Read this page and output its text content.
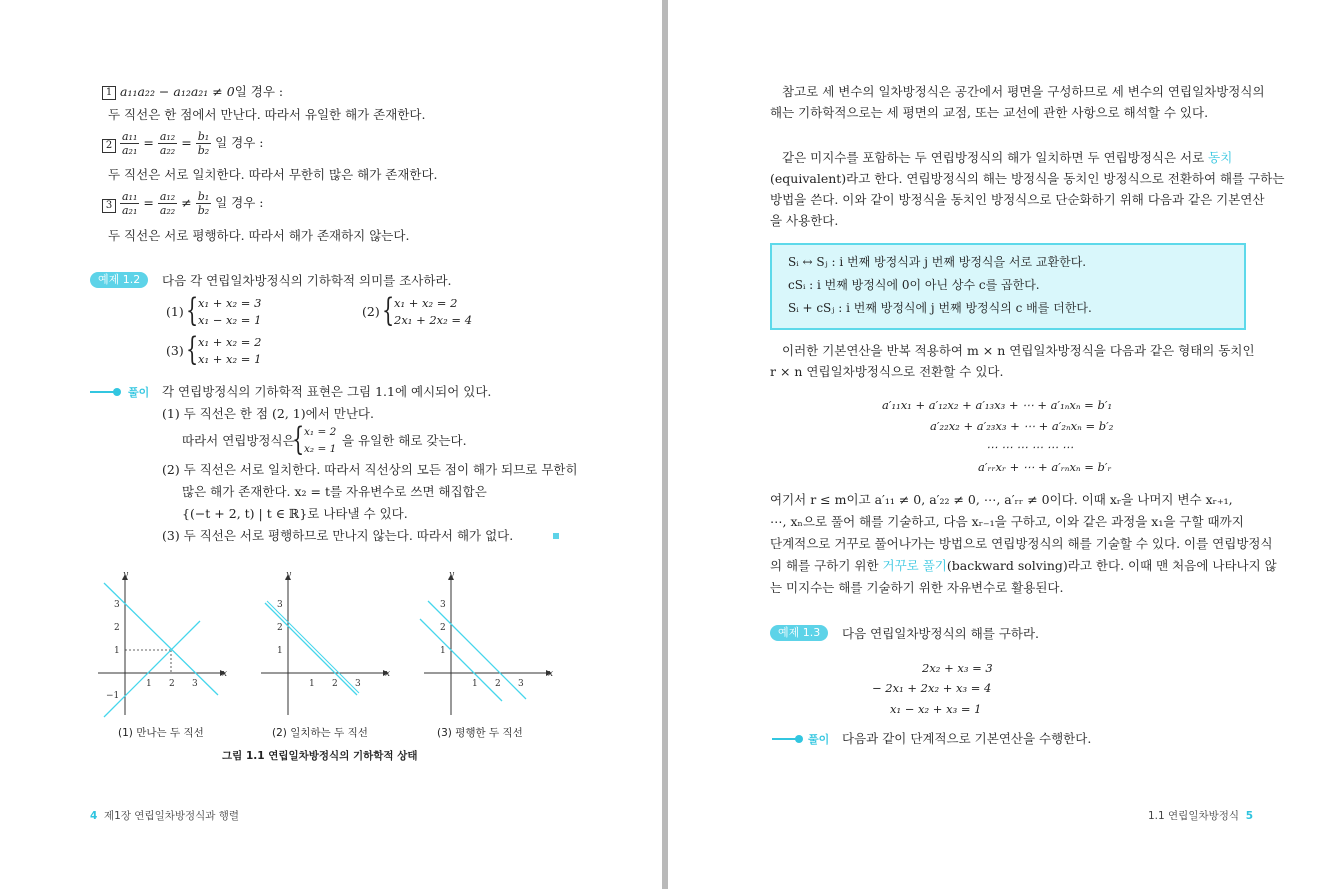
1 a₁₁a₂₂ − a₁₂a₂₁ ≠ 0일 경우 :
두 직선은 한 점에서 만난다. 따라서 유일한 해가 존재한다.
$2 \frac{\text{a₁₁}}{\text{a₂₁}} = \frac{\text{a₁₂}}{\text{a₂₂}} = \frac{\text{b₁}}{\text{b₂}}$ 일 경우 :
두 직선은 서로 일치한다. 따라서 무한히 많은 해가 존재한다.
$3 \frac{\text{a₁₁}}{\text{a₂₁}} = \frac{\text{a₁₂}}{\text{a₂₂}} \ne \frac{\text{b₁}}{\text{b₂}}$ 일 경우 :
두 직선은 서로 평행하다. 따라서 해가 존재하지 않는다.
예제 1.2	다음 각 연립일차방정식의 기하학적 의미를 조사하라.
(1) { x₁ + x₂ = 3
x₁ − x₂ = 1
(2) { x₁ + x₂ = 2
2x₁ + 2x₂ = 4
(3) { x₁ + x₂ = 2
x₁ + x₂ = 1
풀이 각 연립방정식의 기하학적 표현은 그림 1.1에 예시되어 있다.
(1) 두 직선은 한 점 (2, 1)에서 만난다.
따라서 연립방정식은
{ x₁ = 2
x₂ = 1
을 유일한 해로 갖는다.
(2) 두 직선은 서로 일치한다. 따라서 직선상의 모든 점이 해가 되므로 무한히
많은 해가 존재한다. x₂ = t를 자유변수로 쓰면 해집합은
{(−t + 2, t) | t ∈ ℝ}로 나타낼 수 있다.
(3) 두 직선은 서로 평행하므로 만나지 않는다. 따라서 해가 없다.
x
y
1 2 3
1
2
3
−1
x
y
1 2 3
1
2
3
x
y
1 2 3
1
2
3
(1) 만나는 두 직선	(2) 일치하는 두 직선	(3) 평행한 두 직선
그림 1.1 연립일차방정식의 기하학적 상태
4 제1장 연립일차방정식과 행렬
참고로 세 변수의 일차방정식은 공간에서 평면을 구성하므로 세 변수의 연립일차방정식의
해는 기하학적으로는 세 평면의 교점, 또는 교선에 관한 사항으로 해석할 수 있다.
같은 미지수를 포함하는 두 연립방정식의 해가 일치하면 두 연립방정식은 서로 동치
(equivalent)라고 한다. 연립방정식의 해는 방정식을 동치인 방정식으로 전환하여 해를 구하는
방법을 쓴다. 이와 같이 방정식을 동치인 방정식으로 단순화하기 위해 다음과 같은 기본연산
을 사용한다.
Sᵢ ↔ Sⱼ : i 번째 방정식과 j 번째 방정식을 서로 교환한다.
cSᵢ : i 번째 방정식에 0이 아닌 상수 c를 곱한다.
Sᵢ + cSⱼ : i 번째 방정식에 j 번째 방정식의 c 배를 더한다.
이러한 기본연산을 반복 적용하여 m × n 연립일차방정식을 다음과 같은 형태의 동치인
r × n 연립일차방정식으로 전환할 수 있다.
a′₁₁x₁ + a′₁₂x₂ + a′₁₃x₃ + ⋯ + a′₁ₙxₙ = b′₁
a′₂₂x₂ + a′₂₃x₃ + ⋯ + a′₂ₙxₙ = b′₂
⋯ ⋯ ⋯ ⋯ ⋯ ⋯
a′ᵣᵣxᵣ + ⋯ + a′ᵣₙxₙ = b′ᵣ
여기서 r ≤ m이고 a′₁₁ ≠ 0, a′₂₂ ≠ 0, ⋯, a′ᵣᵣ ≠ 0이다. 이때 xᵣ을 나머지 변수 xᵣ₊₁,
⋯, xₙ으로 풀어 해를 기술하고, 다음 xᵣ₋₁을 구하고, 이와 같은 과정을 x₁을 구할 때까지
단계적으로 거꾸로 풀어나가는 방법으로 연립방정식의 해를 기술할 수 있다. 이를 연립방정식
의 해를 구하기 위한 거꾸로 풀기(backward solving)라고 한다. 이때 맨 처음에 나타나지 않
는 미지수는 해를 기술하기 위한 자유변수로 활용된다.
예제 1.3	다음 연립일차방정식의 해를 구하라.
2x₂ + x₃ = 3
− 2x₁ + 2x₂ + x₃ = 4
x₁ − x₂ + x₃ = 1
풀이 다음과 같이 단계적으로 기본연산을 수행한다.
1.1 연립일차방정식 5
